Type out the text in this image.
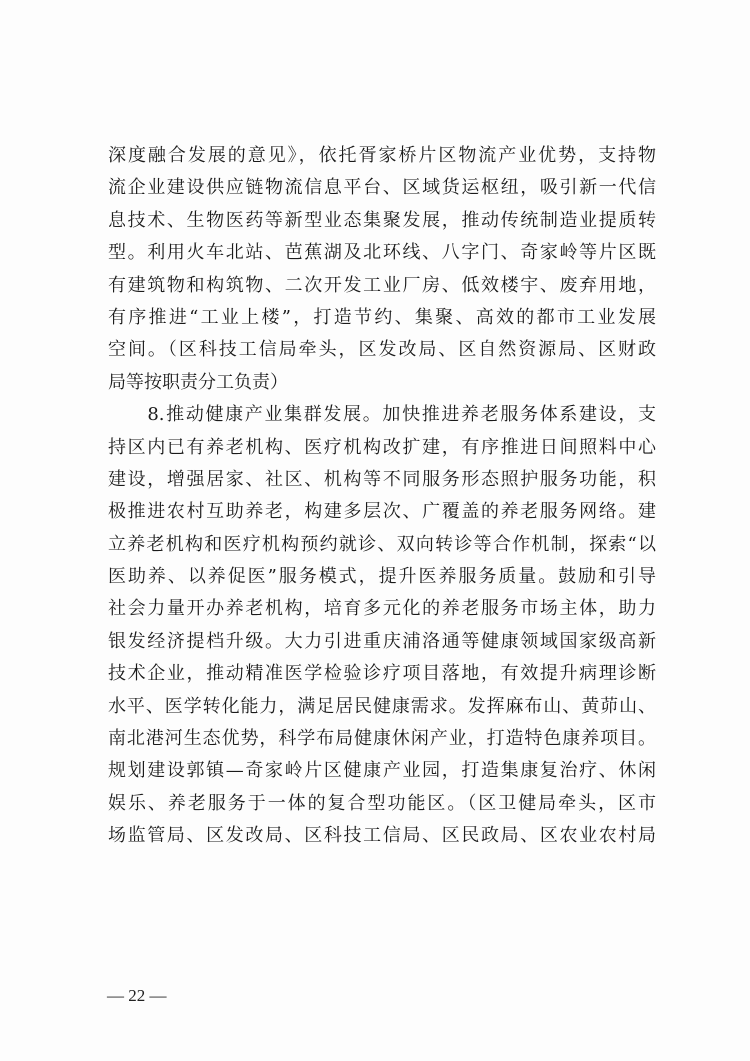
深度融合发展的意见》，依托胥家桥片区物流产业优势，支持物
流企业建设供应链物流信息平台、区域货运枢纽，吸引新一代信
息技术、生物医药等新型业态集聚发展，推动传统制造业提质转
型。利用火车北站、芭蕉湖及北环线、八字门、奇家岭等片区既
有建筑物和构筑物、二次开发工业厂房、低效楼宇、废弃用地，
有序推进“工业上楼”，打造节约、集聚、高效的都市工业发展
空间。（区科技工信局牵头，区发改局、区自然资源局、区财政
局等按职责分工负责）
　　8.推动健康产业集群发展。加快推进养老服务体系建设，支
持区内已有养老机构、医疗机构改扩建，有序推进日间照料中心
建设，增强居家、社区、机构等不同服务形态照护服务功能，积
极推进农村互助养老，构建多层次、广覆盖的养老服务网络。建
立养老机构和医疗机构预约就诊、双向转诊等合作机制，探索“以
医助养、以养促医”服务模式，提升医养服务质量。鼓励和引导
社会力量开办养老机构，培育多元化的养老服务市场主体，助力
银发经济提档升级。大力引进重庆浦洛通等健康领域国家级高新
技术企业，推动精准医学检验诊疗项目落地，有效提升病理诊断
水平、医学转化能力，满足居民健康需求。发挥麻布山、黄茆山、
南北港河生态优势，科学布局健康休闲产业，打造特色康养项目。
规划建设郭镇—奇家岭片区健康产业园，打造集康复治疗、休闲
娱乐、养老服务于一体的复合型功能区。（区卫健局牵头，区市
场监管局、区发改局、区科技工信局、区民政局、区农业农村局
— 22 —
